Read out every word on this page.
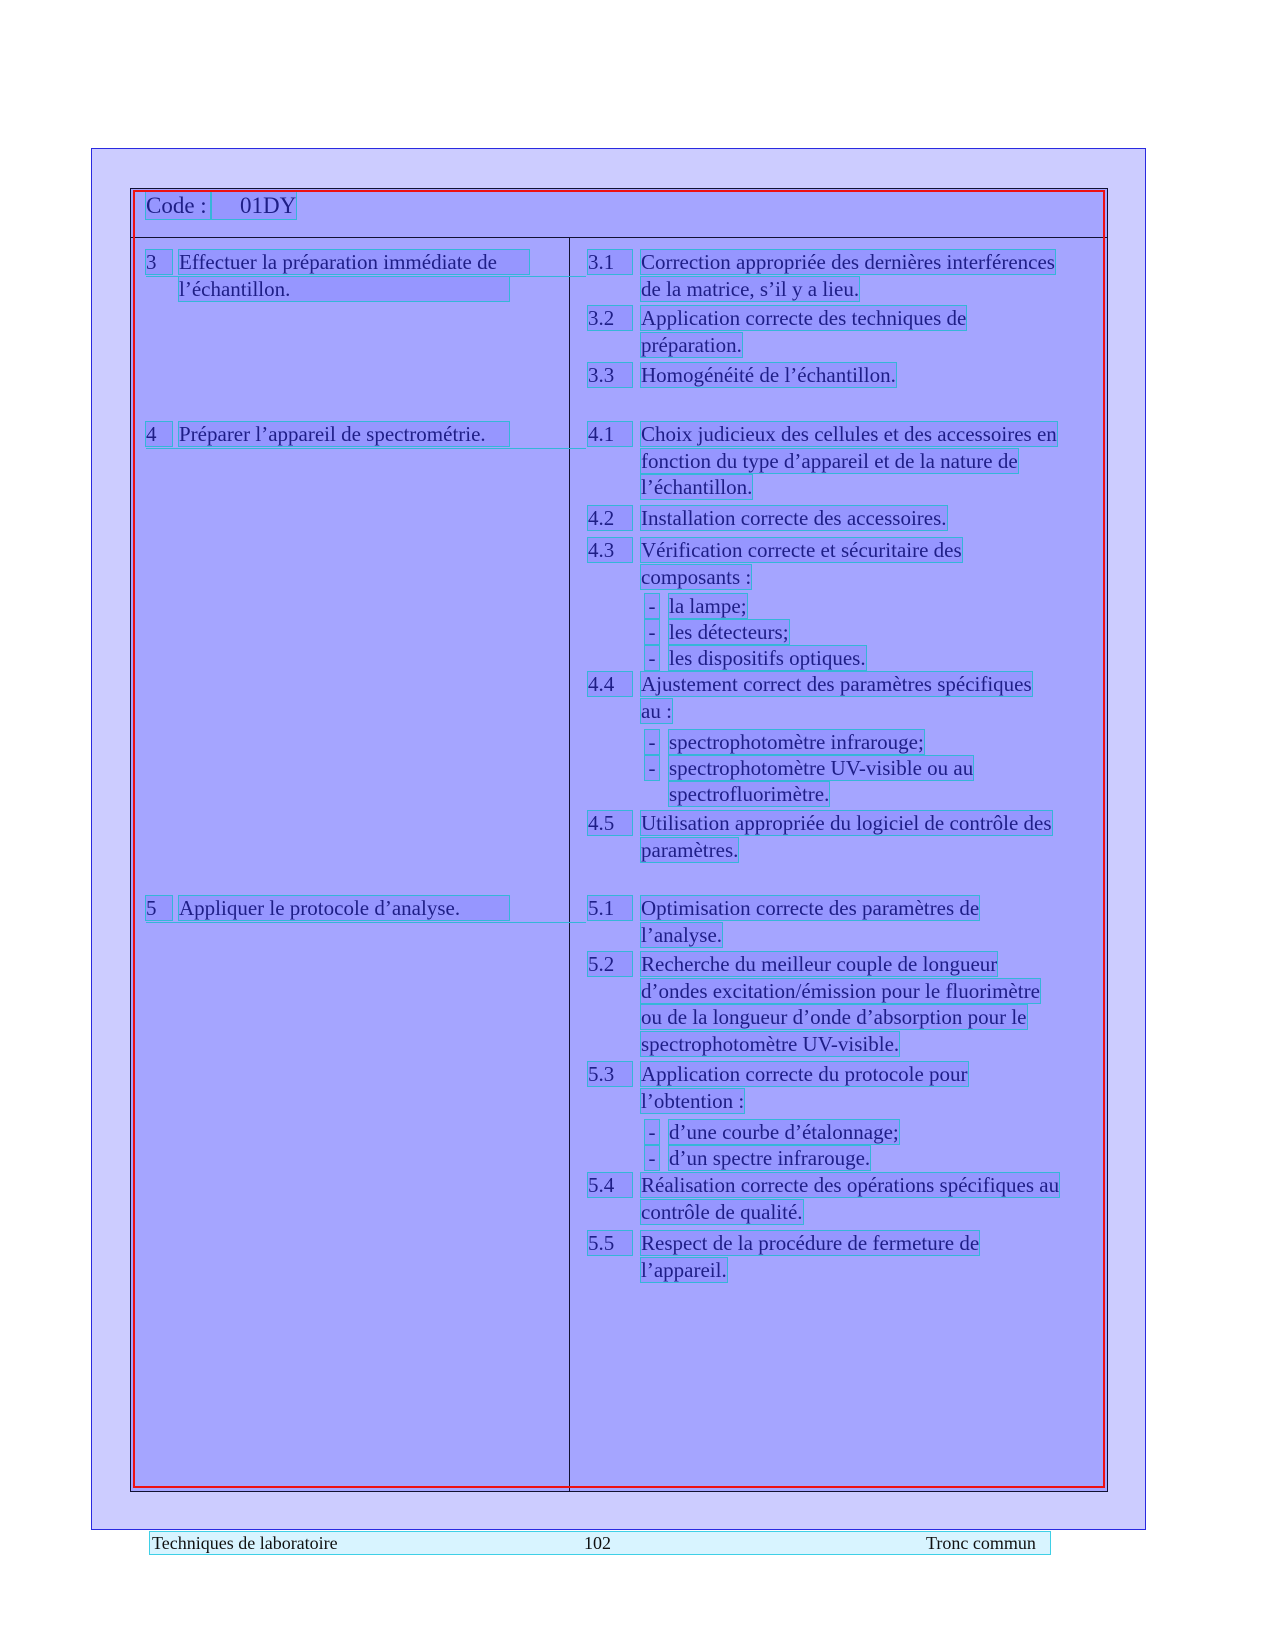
Code :	01DY
3	Effectuer la préparation immédiate de
l’échantillon.
3.1	Correction appropriée des dernières interférences
de la matrice, s’il y a lieu.
3.2	Application correcte des techniques de
préparation.
3.3	Homogénéité de l’échantillon.
4	Préparer l’appareil de spectrométrie.	4.1	Choix judicieux des cellules et des accessoires en
fonction du type d’appareil et de la nature de
l’échantillon.
4.2	Installation correcte des accessoires.
4.3	Vérification correcte et sécuritaire des
composants :
- la lampe;
- les détecteurs;
- les dispositifs optiques.
4.4	Ajustement correct des paramètres spécifiques
au :
- spectrophotomètre infrarouge;
- spectrophotomètre UV-visible ou au
spectrofluorimètre.
4.5	Utilisation appropriée du logiciel de contrôle des
paramètres.
5	Appliquer le protocole d’analyse.	5.1	Optimisation correcte des paramètres de
l’analyse.
5.2	Recherche du meilleur couple de longueur
d’ondes excitation/émission pour le fluorimètre
ou de la longueur d’onde d’absorption pour le
spectrophotomètre UV-visible.
5.3	Application correcte du protocole pour
l’obtention :
- d’une courbe d’étalonnage;
- d’un spectre infrarouge.
5.4	Réalisation correcte des opérations spécifiques au
contrôle de qualité.
5.5	Respect de la procédure de fermeture de
l’appareil.
Techniques de laboratoire	102	Tronc commun
